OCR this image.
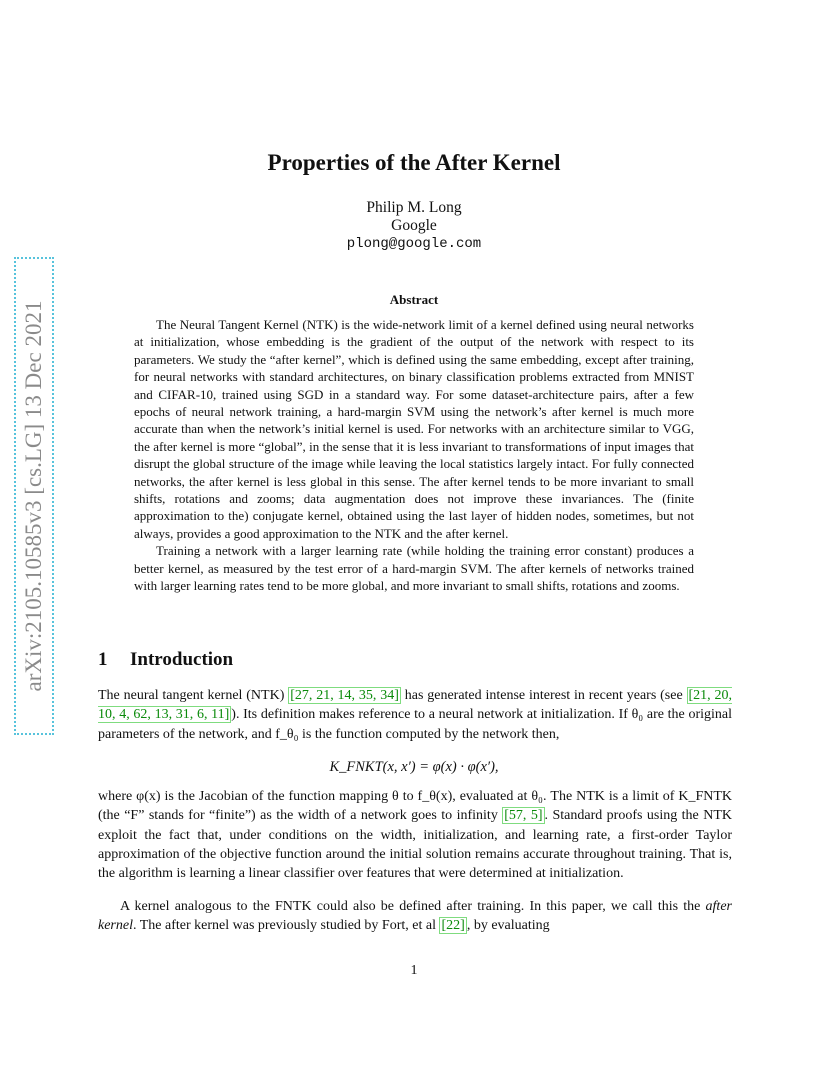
arXiv:2105.10585v3 [cs.LG] 13 Dec 2021
Properties of the After Kernel
Philip M. Long
Google
plong@google.com
Abstract

The Neural Tangent Kernel (NTK) is the wide-network limit of a kernel defined using neural networks at initialization, whose embedding is the gradient of the output of the network with respect to its parameters. We study the “after kernel”, which is defined using the same embedding, except after training, for neural networks with standard architectures, on binary classification problems extracted from MNIST and CIFAR-10, trained using SGD in a standard way. For some dataset-architecture pairs, after a few epochs of neural network training, a hard-margin SVM using the network’s after kernel is much more accurate than when the network’s initial kernel is used. For networks with an architecture similar to VGG, the after kernel is more “global”, in the sense that it is less invariant to transformations of input images that disrupt the global structure of the image while leaving the local statistics largely intact. For fully connected networks, the after kernel is less global in this sense. The after kernel tends to be more invariant to small shifts, rotations and zooms; data augmentation does not improve these invariances. The (finite approximation to the) conjugate kernel, obtained using the last layer of hidden nodes, sometimes, but not always, provides a good approximation to the NTK and the after kernel.

Training a network with a larger learning rate (while holding the training error constant) produces a better kernel, as measured by the test error of a hard-margin SVM. The after kernels of networks trained with larger learning rates tend to be more global, and more invariant to small shifts, rotations and zooms.

1 Introduction
The neural tangent kernel (NTK) [27, 21, 14, 35, 34] has generated intense interest in recent years (see [21, 20, 10, 4, 62, 13, 31, 6, 11] ). Its definition makes reference to a neural network at initialization. If θ₀ are the original parameters of the network, and f_θ₀ is the function computed by the network then,
K_FNKT(x, x′) = φ(x) · φ(x′),
where φ(x) is the Jacobian of the function mapping θ to f_θ(x), evaluated at θ₀. The NTK is a limit of K_FNTK (the “F” stands for “finite”) as the width of a network goes to infinity [57, 5] . Standard proofs using the NTK exploit the fact that, under conditions on the width, initialization, and learning rate, a first-order Taylor approximation of the objective function around the initial solution remains accurate throughout training. That is, the algorithm is learning a linear classifier over features that were determined at initialization.
A kernel analogous to the FNTK could also be defined after training. In this paper, we call this the after kernel. The after kernel was previously studied by Fort, et al [22] , by evaluating
1
